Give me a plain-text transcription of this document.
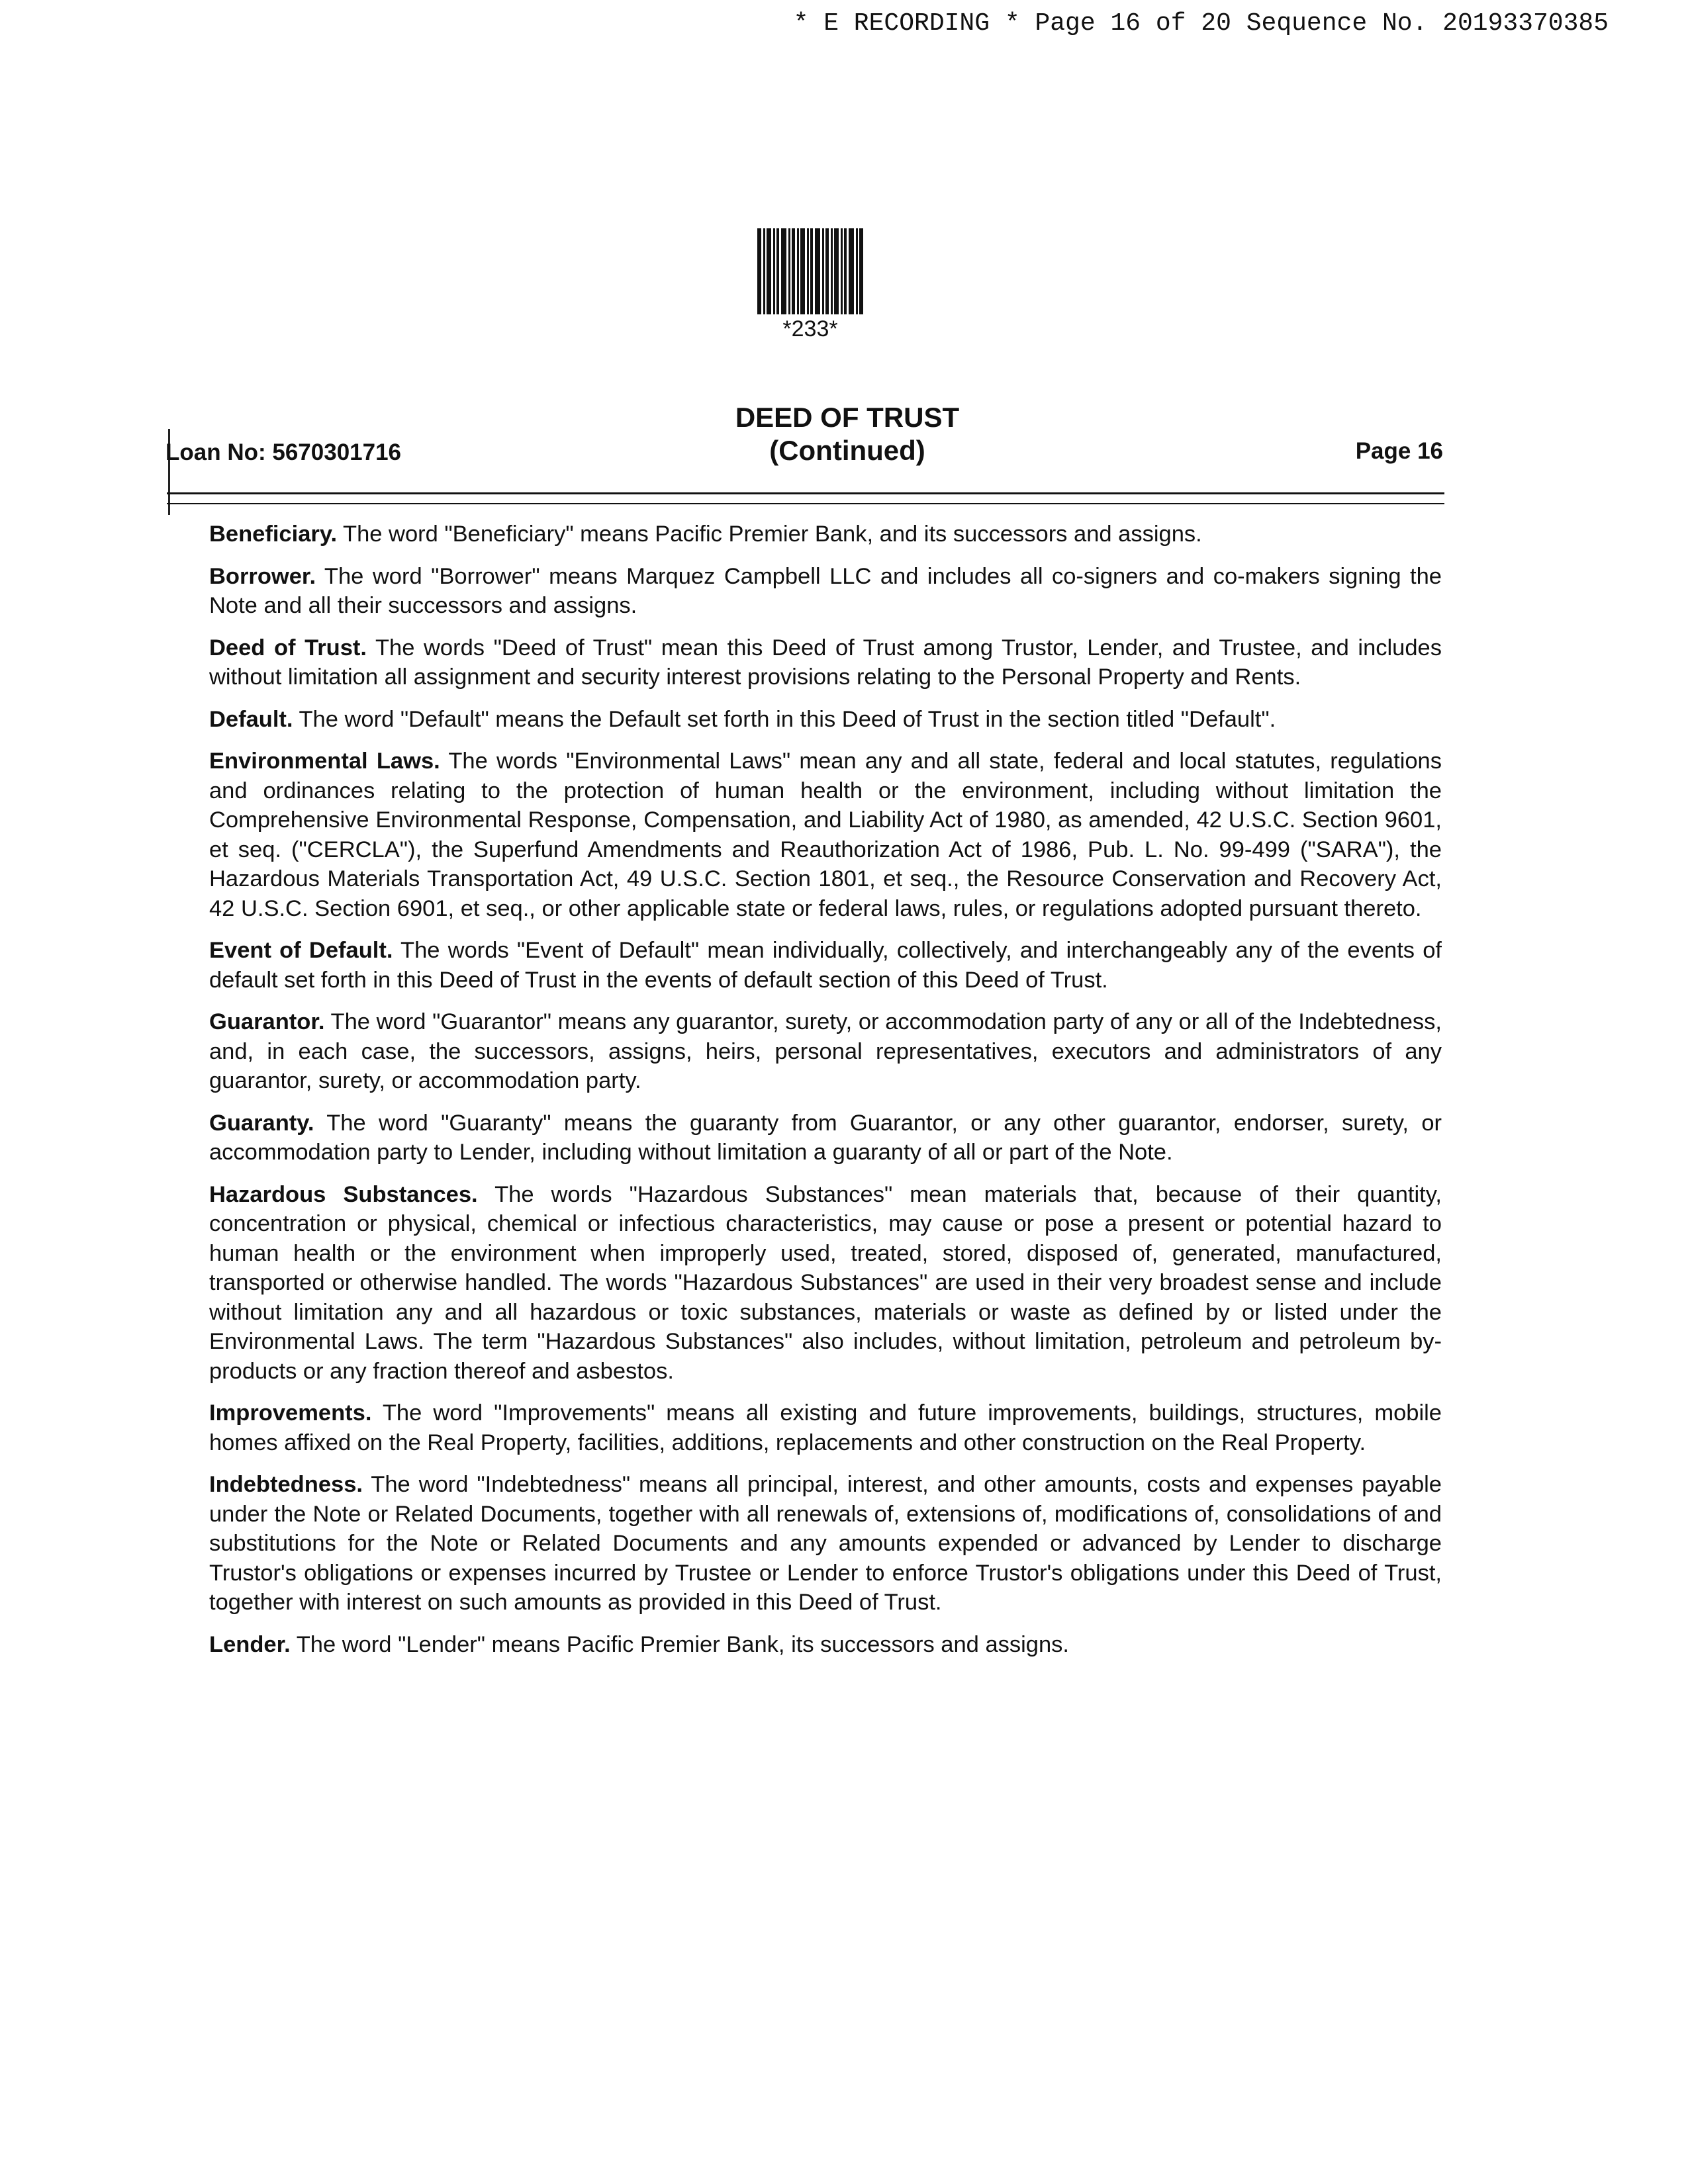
* E RECORDING * Page 16 of 20 Sequence No. 20193370385
*233*
DEED OF TRUST
(Continued)
Loan No: 5670301716	Page 16

Beneficiary. The word "Beneficiary" means Pacific Premier Bank, and its successors and assigns.

Borrower. The word "Borrower" means Marquez Campbell LLC and includes all co-signers and co-makers signing the Note and all their successors and assigns.

Deed of Trust. The words "Deed of Trust" mean this Deed of Trust among Trustor, Lender, and Trustee, and includes without limitation all assignment and security interest provisions relating to the Personal Property and Rents.

Default. The word "Default" means the Default set forth in this Deed of Trust in the section titled "Default".

Environmental Laws. The words "Environmental Laws" mean any and all state, federal and local statutes, regulations and ordinances relating to the protection of human health or the environment, including without limitation the Comprehensive Environmental Response, Compensation, and Liability Act of 1980, as amended, 42 U.S.C. Section 9601, et seq. ("CERCLA"), the Superfund Amendments and Reauthorization Act of 1986, Pub. L. No. 99-499 ("SARA"), the Hazardous Materials Transportation Act, 49 U.S.C. Section 1801, et seq., the Resource Conservation and Recovery Act, 42 U.S.C. Section 6901, et seq., or other applicable state or federal laws, rules, or regulations adopted pursuant thereto.

Event of Default. The words "Event of Default" mean individually, collectively, and interchangeably any of the events of default set forth in this Deed of Trust in the events of default section of this Deed of Trust.

Guarantor. The word "Guarantor" means any guarantor, surety, or accommodation party of any or all of the Indebtedness, and, in each case, the successors, assigns, heirs, personal representatives, executors and administrators of any guarantor, surety, or accommodation party.

Guaranty. The word "Guaranty" means the guaranty from Guarantor, or any other guarantor, endorser, surety, or accommodation party to Lender, including without limitation a guaranty of all or part of the Note.

Hazardous Substances. The words "Hazardous Substances" mean materials that, because of their quantity, concentration or physical, chemical or infectious characteristics, may cause or pose a present or potential hazard to human health or the environment when improperly used, treated, stored, disposed of, generated, manufactured, transported or otherwise handled. The words "Hazardous Substances" are used in their very broadest sense and include without limitation any and all hazardous or toxic substances, materials or waste as defined by or listed under the Environmental Laws. The term "Hazardous Substances" also includes, without limitation, petroleum and petroleum by-products or any fraction thereof and asbestos.

Improvements. The word "Improvements" means all existing and future improvements, buildings, structures, mobile homes affixed on the Real Property, facilities, additions, replacements and other construction on the Real Property.

Indebtedness. The word "Indebtedness" means all principal, interest, and other amounts, costs and expenses payable under the Note or Related Documents, together with all renewals of, extensions of, modifications of, consolidations of and substitutions for the Note or Related Documents and any amounts expended or advanced by Lender to discharge Trustor's obligations or expenses incurred by Trustee or Lender to enforce Trustor's obligations under this Deed of Trust, together with interest on such amounts as provided in this Deed of Trust.

Lender. The word "Lender" means Pacific Premier Bank, its successors and assigns.
